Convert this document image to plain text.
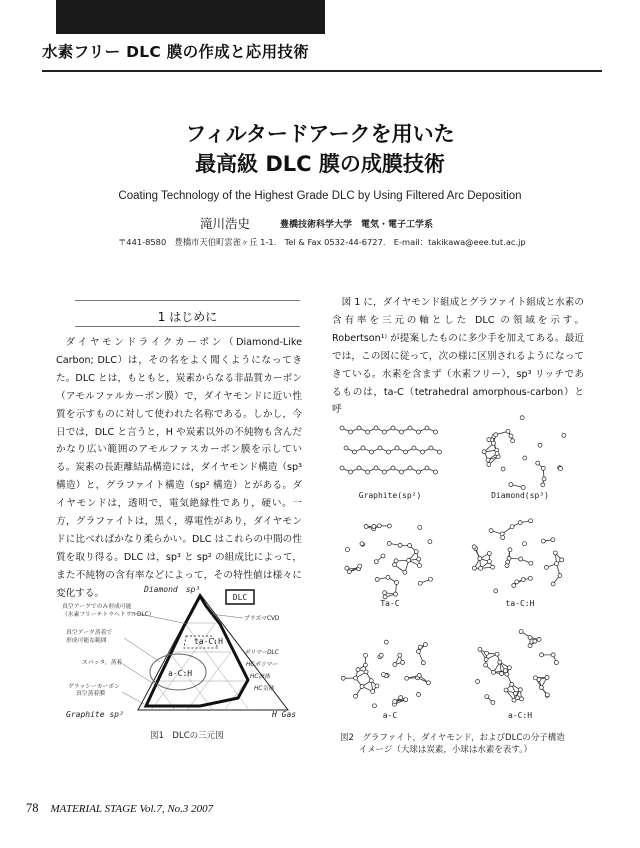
水素フリー DLC 膜の作成と応用技術
フィルタードアークを用いた
最高級 DLC 膜の成膜技術
Coating Technology of the Highest Grade DLC by Using Filtered Arc Deposition
滝川浩史	豊橋技術科学大学　電気・電子工学系
〒441-8580　豊橋市天伯町雲雀ヶ丘 1-1.　Tel & Fax 0532-44-6727.　E-mail：takikawa@eee.tut.ac.jp
1 はじめに

ダイヤモンドライクカーボン（Diamond-Like Carbon; DLC）は，その名をよく聞くようになってきた。DLC とは，もともと，炭素からなる非晶質カーボン（アモルファルカーボン膜）で，ダイヤモンドに近い性質を示すものに対して使われた名称である。しかし，今日では，DLC と言うと，H や炭素以外の不純物も含んだかなり広い範囲のアモルファスカーボン膜を示している。炭素の長距離結晶構造には，ダイヤモンド構造（sp³ 構造）と，グラファイト構造（sp² 構造）とがある。ダイヤモンドは，透明で，電気絶縁性であり，硬い。一方，グラファイトは，黒く，導電性があり，ダイヤモンドに比べればかなり柔らかい。DLC はこれらの中間の性質を取り得る。DLC は，sp³ と sp² の組成比によって，また不純物の含有率などによって，その特性値は様々に変化する。

図 1 に，ダイヤモンド組成とグラファイト組成と水素の含有率を三元の軸とした DLC の領域を示す。Robertson¹⁾ が提案したものに多少手を加えてある。最近では，この図に従って，次の様に区別されるようになってきている。水素を含まず（水素フリー），sp³ リッチであるものは，ta-C（tetrahedral amorphous-carbon）と呼

DLC
Diamond　sp³
Graphite sp²	H Gas
ta-C:H
a-C:H
真空アークでのみ形成可能
（水素フリーテトラヘドラルDLC）
真空アーク蒸着で
形成可能な範囲
スパッタ，蒸着
グラッシーカーボン
真空蒸着膜
プラズマCVD
ポリマーDLC
HCポリマー
HC液体
HC気体
図1　DLCの三元図
Graphite(sp²)	Diamond(sp³)
Ta-C	ta-C:H
a-C	a-C:H
図2　グラファイト，ダイヤモンド，およびDLCの分子構造
イメージ（大球は炭素，小球は水素を表す。）
78 MATERIAL STAGE Vol.7, No.3 2007
